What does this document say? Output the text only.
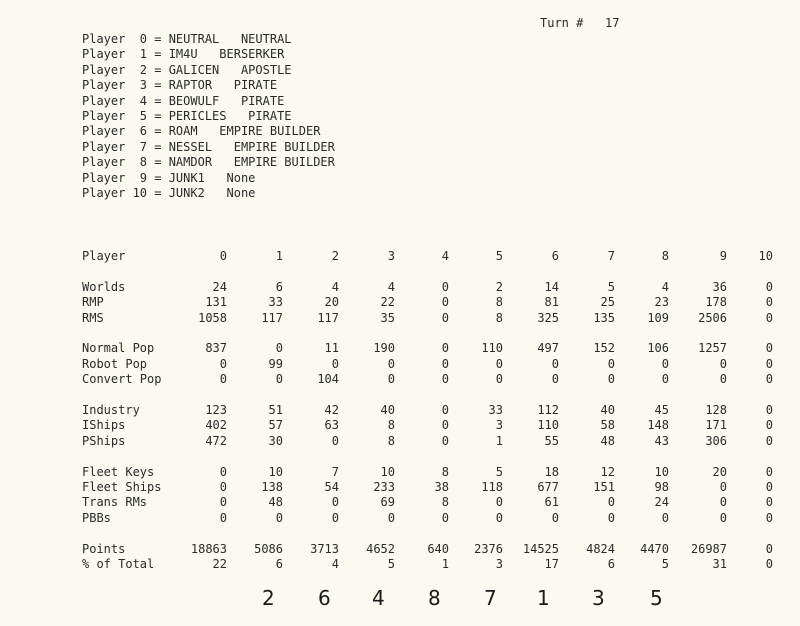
Turn # 17
Player  0 = NEUTRAL   NEUTRAL
Player  1 = IM4U   BERSERKER
Player  2 = GALICEN   APOSTLE
Player  3 = RAPTOR   PIRATE
Player  4 = BEOWULF   PIRATE
Player  5 = PERICLES   PIRATE
Player  6 = ROAM   EMPIRE BUILDER
Player  7 = NESSEL   EMPIRE BUILDER
Player  8 = NAMDOR   EMPIRE BUILDER
Player  9 = JUNK1   None
Player 10 = JUNK2   None
Player	0	1	2	3	4	5	6	7	8	9	10

Worlds	24	6	4	4	0	2	14	5	4	36	0
RMP	131	33	20	22	0	8	81	25	23	178	0
RMS	1058	117	117	35	0	8	325	135	109	2506	0

Normal Pop	837	0	11	190	0	110	497	152	106	1257	0
Robot Pop	0	99	0	0	0	0	0	0	0	0	0
Convert Pop	0	0	104	0	0	0	0	0	0	0	0

Industry	123	51	42	40	0	33	112	40	45	128	0
IShips	402	57	63	8	0	3	110	58	148	171	0
PShips	472	30	0	8	0	1	55	48	43	306	0

Fleet Keys	0	10	7	10	8	5	18	12	10	20	0
Fleet Ships	0	138	54	233	38	118	677	151	98	0	0
Trans RMs	0	48	0	69	8	0	61	0	24	0	0
PBBs	0	0	0	0	0	0	0	0	0	0	0

Points	18863	5086	3713	4652	640	2376	14525	4824	4470	26987	0
% of Total	22	6	4	5	1	3	17	6	5	31	0
2 6 4 8 7 1 3 5
